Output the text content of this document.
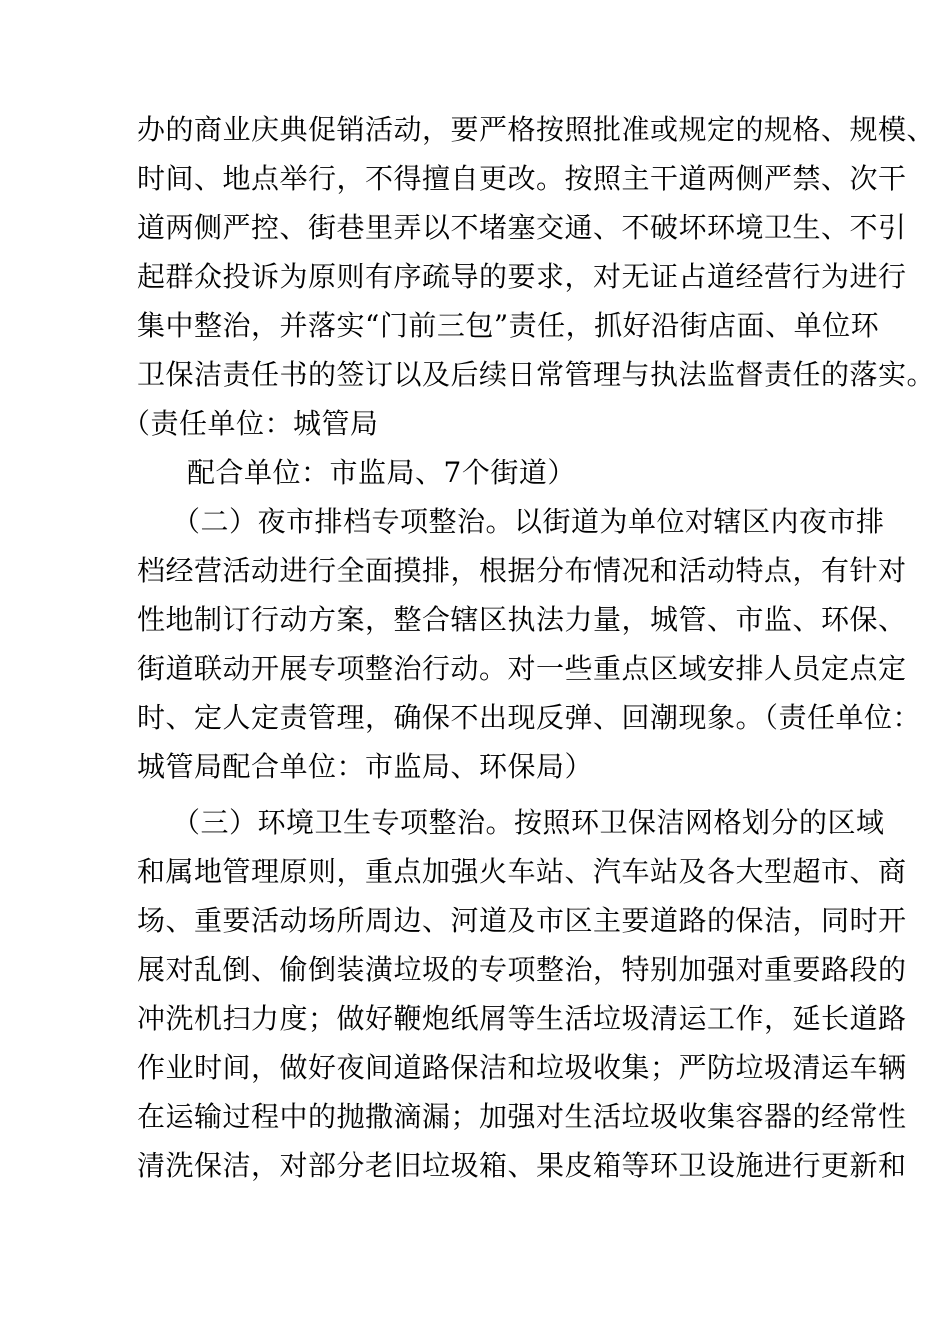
办的商业庆典促销活动，要严格按照批准或规定的规格、规模、
时间、地点举行，不得擅自更改。按照主干道两侧严禁、次干
道两侧严控、街巷里弄以不堵塞交通、不破坏环境卫生、不引
起群众投诉为原则有序疏导的要求，对无证占道经营行为进行
集中整治，并落实“门前三包”责任，抓好沿街店面、单位环
卫保洁责任书的签订以及后续日常管理与执法监督责任的落实。
（责任单位：城管局
配合单位：市监局、7个街道）
（二）夜市排档专项整治。以街道为单位对辖区内夜市排
档经营活动进行全面摸排，根据分布情况和活动特点，有针对
性地制订行动方案，整合辖区执法力量，城管、市监、环保、
街道联动开展专项整治行动。对一些重点区域安排人员定点定
时、定人定责管理，确保不出现反弹、回潮现象。（责任单位：
城管局配合单位：市监局、环保局）
（三）环境卫生专项整治。按照环卫保洁网格划分的区域
和属地管理原则，重点加强火车站、汽车站及各大型超市、商
场、重要活动场所周边、河道及市区主要道路的保洁，同时开
展对乱倒、偷倒装潢垃圾的专项整治，特别加强对重要路段的
冲洗机扫力度；做好鞭炮纸屑等生活垃圾清运工作，延长道路
作业时间，做好夜间道路保洁和垃圾收集；严防垃圾清运车辆
在运输过程中的抛撒滴漏；加强对生活垃圾收集容器的经常性
清洗保洁，对部分老旧垃圾箱、果皮箱等环卫设施进行更新和
